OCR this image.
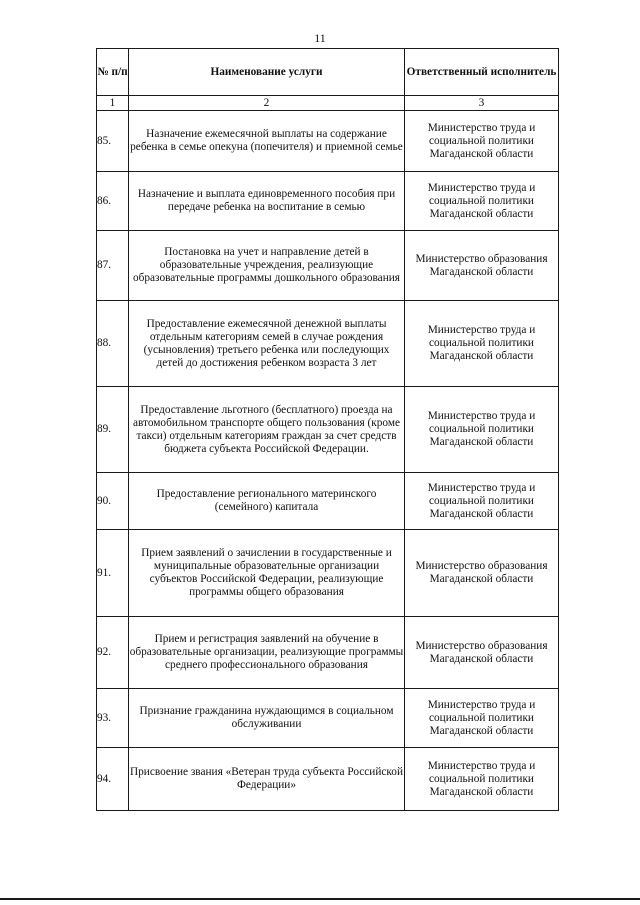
11
№ п/п	Наименование услуги	Ответственный исполнитель
1	2	3
85.	Назначение ежемесячной выплаты на содержание ребенка в семье опекуна (попечителя) и приемной семье	Министерство труда и социальной политики Магаданской области
86.	Назначение и выплата единовременного пособия при передаче ребенка на воспитание в семью	Министерство труда и социальной политики Магаданской области
87.	Постановка на учет и направление детей в образовательные учреждения, реализующие образовательные программы дошкольного образования	Министерство образования Магаданской области
88.	Предоставление ежемесячной денежной выплаты отдельным категориям семей в случае рождения (усыновления) третьего ребенка или последующих детей до достижения ребенком возраста 3 лет	Министерство труда и социальной политики Магаданской области
89.	Предоставление льготного (бесплатного) проезда на автомобильном транспорте общего пользования (кроме такси) отдельным категориям граждан за счет средств бюджета субъекта Российской Федерации.	Министерство труда и социальной политики Магаданской области
90.	Предоставление регионального материнского (семейного) капитала	Министерство труда и социальной политики Магаданской области
91.	Прием заявлений о зачислении в государственные и муниципальные образовательные организации субъектов Российской Федерации, реализующие программы общего образования	Министерство образования Магаданской области
92.	Прием и регистрация заявлений на обучение в образовательные организации, реализующие программы среднего профессионального образования	Министерство образования Магаданской области
93.	Признание гражданина нуждающимся в социальном обслуживании	Министерство труда и социальной политики Магаданской области
94.	Присвоение звания «Ветеран труда субъекта Российской Федерации»	Министерство труда и социальной политики Магаданской области
